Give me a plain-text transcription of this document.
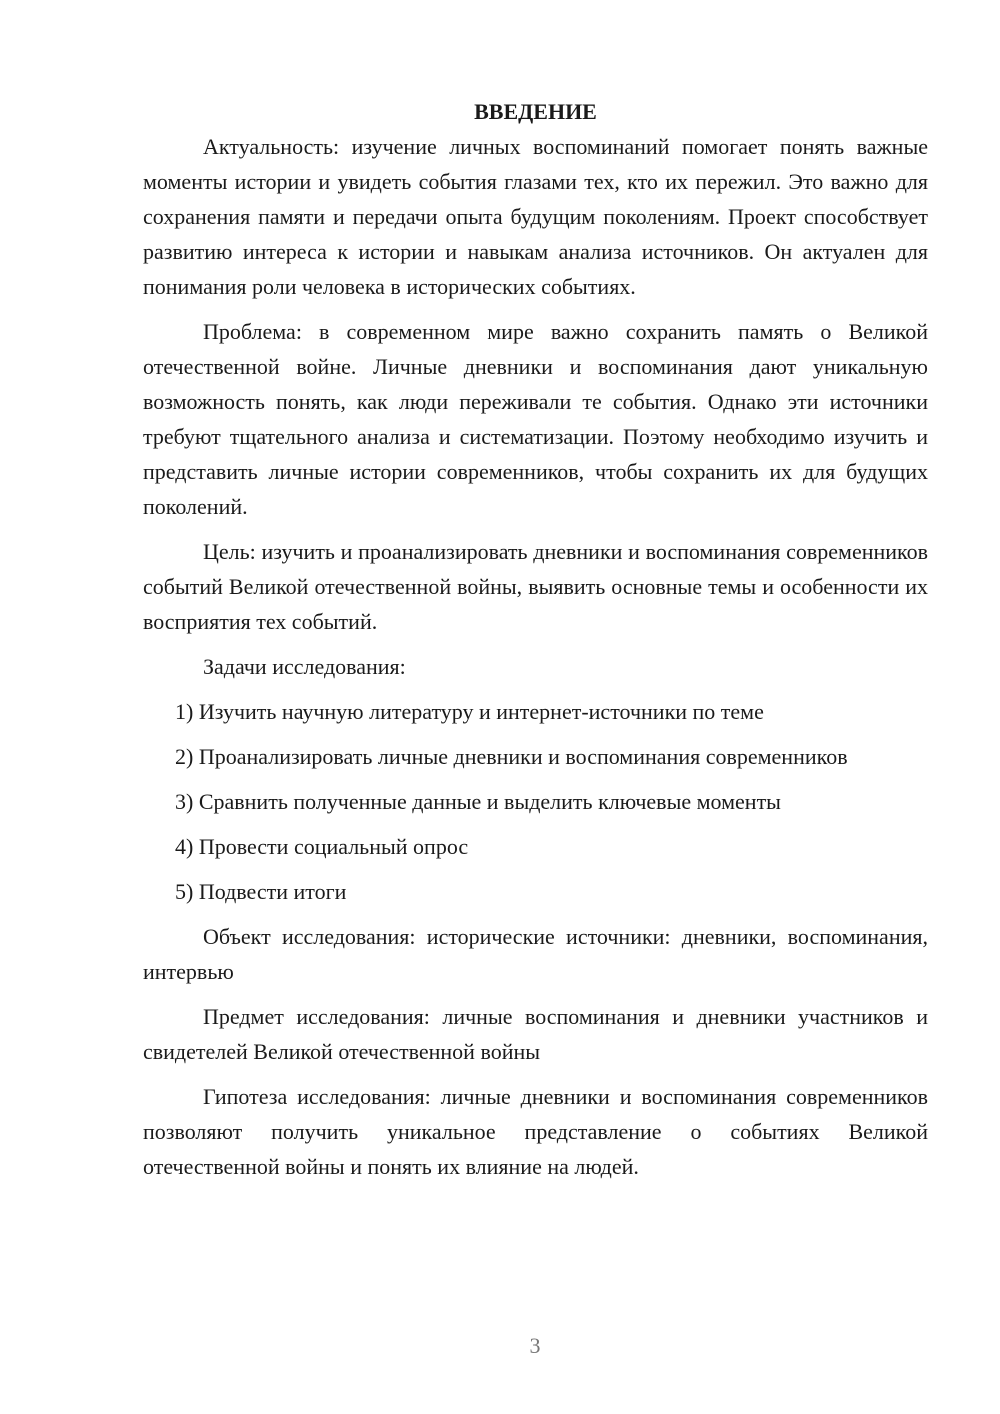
ВВЕДЕНИЕ

Актуальность: изучение личных воспоминаний помогает понять важные моменты истории и увидеть события глазами тех, кто их пережил. Это важно для сохранения памяти и передачи опыта будущим поколениям. Проект способствует развитию интереса к истории и навыкам анализа источников. Он актуален для понимания роли человека в исторических событиях.

Проблема: в современном мире важно сохранить память о Великой отечественной войне. Личные дневники и воспоминания дают уникальную возможность понять, как люди переживали те события. Однако эти источники требуют тщательного анализа и систематизации. Поэтому необходимо изучить и представить личные истории современников, чтобы сохранить их для будущих поколений.

Цель: изучить и проанализировать дневники и воспоминания современников событий Великой отечественной войны, выявить основные темы и особенности их восприятия тех событий.

Задачи исследования:

1) Изучить научную литературу и интернет-источники по теме

2) Проанализировать личные дневники и воспоминания современников

3) Сравнить полученные данные и выделить ключевые моменты

4) Провести социальный опрос

5) Подвести итоги

Объект исследования: исторические источники: дневники, воспоминания, интервью

Предмет исследования: личные воспоминания и дневники участников и свидетелей Великой отечественной войны

Гипотеза исследования: личные дневники и воспоминания современников позволяют получить уникальное представление о событиях Великой отечественной войны и понять их влияние на людей.

3
